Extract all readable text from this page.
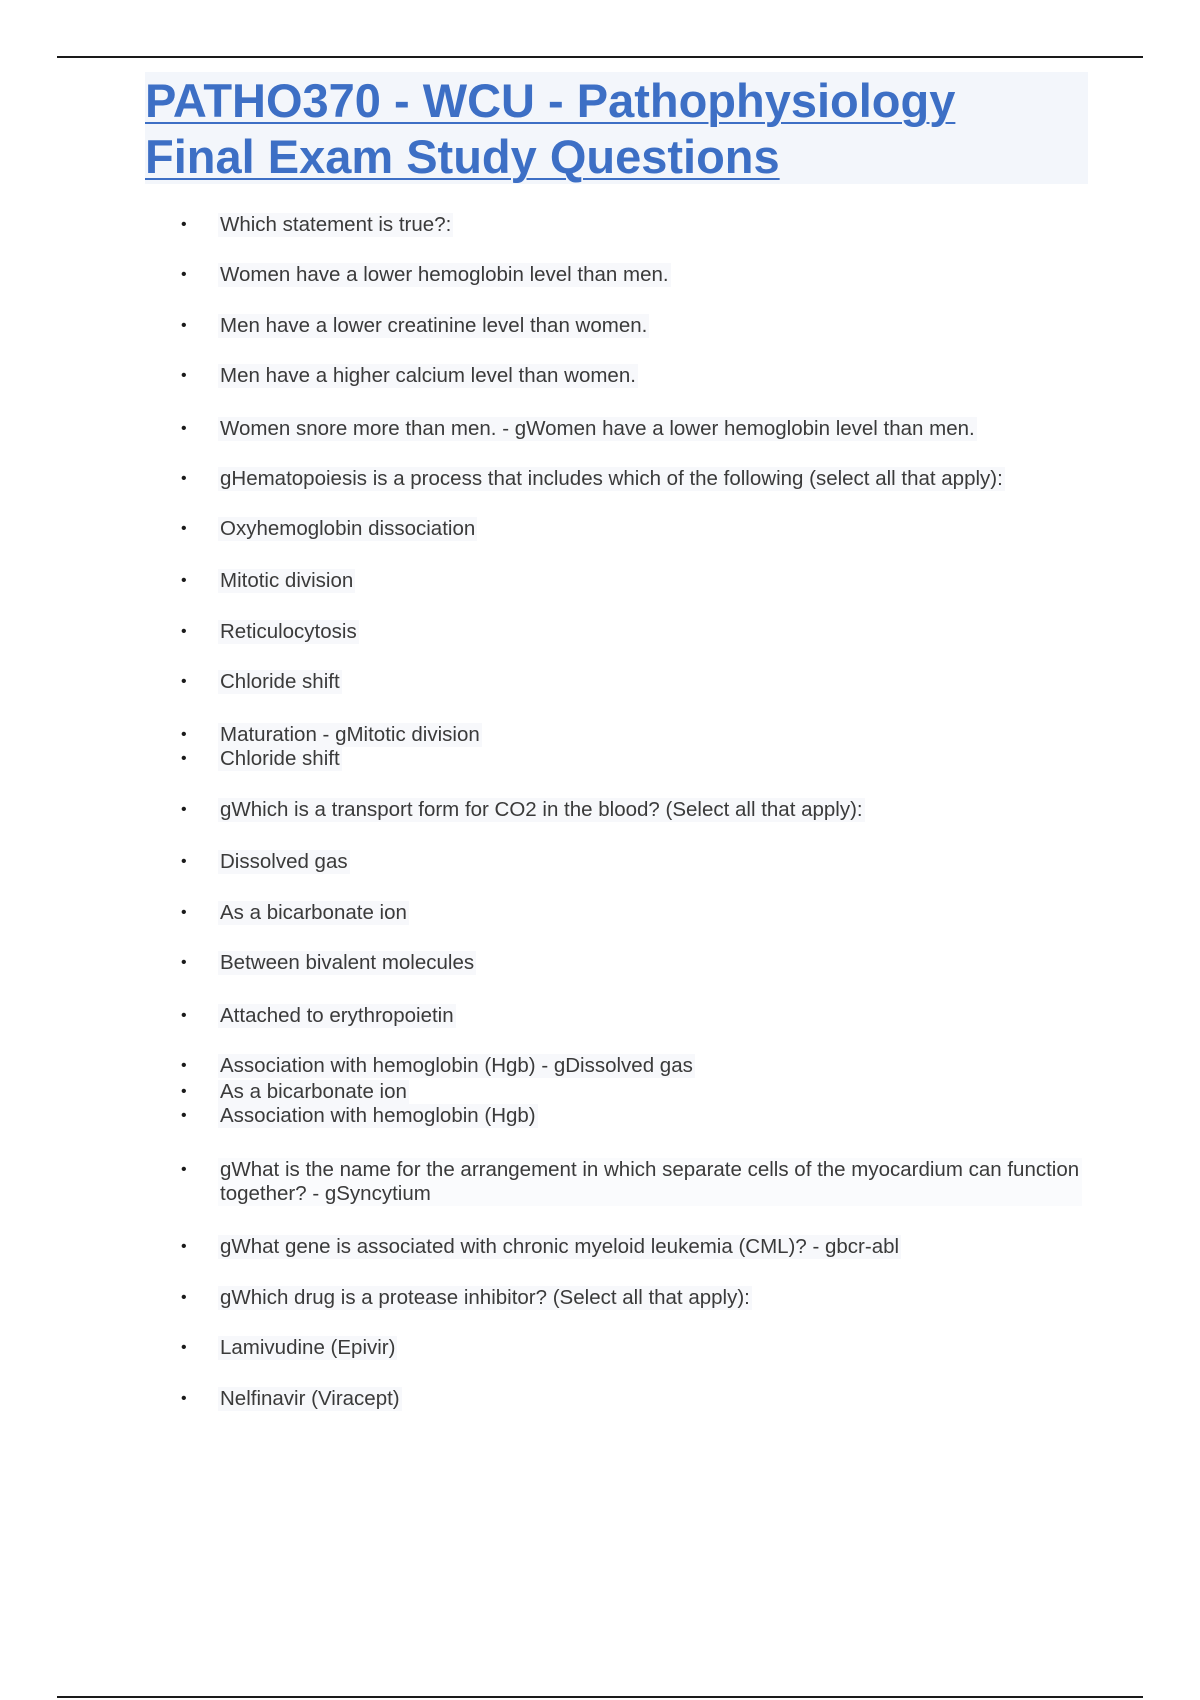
PATHO370 - WCU - Pathophysiology
Final Exam Study Questions
•	Which statement is true?:
•	Women have a lower hemoglobin level than men.
•	Men have a lower creatinine level than women.
•	Men have a higher calcium level than women.
•	Women snore more than men. - gWomen have a lower hemoglobin level than men.
•	gHematopoiesis is a process that includes which of the following (select all that apply):
•	Oxyhemoglobin dissociation
•	Mitotic division
•	Reticulocytosis
•	Chloride shift
•	Maturation - gMitotic division
•	Chloride shift
•	gWhich is a transport form for CO2 in the blood? (Select all that apply):
•	Dissolved gas
•	As a bicarbonate ion
•	Between bivalent molecules
•	Attached to erythropoietin
•	Association with hemoglobin (Hgb) - gDissolved gas
•	As a bicarbonate ion
•	Association with hemoglobin (Hgb)
•	gWhat is the name for the arrangement in which separate cells of the myocardium can function together? - gSyncytium
•	gWhat gene is associated with chronic myeloid leukemia (CML)? - gbcr-abl
•	gWhich drug is a protease inhibitor? (Select all that apply):
•	Lamivudine (Epivir)
•	Nelfinavir (Viracept)
